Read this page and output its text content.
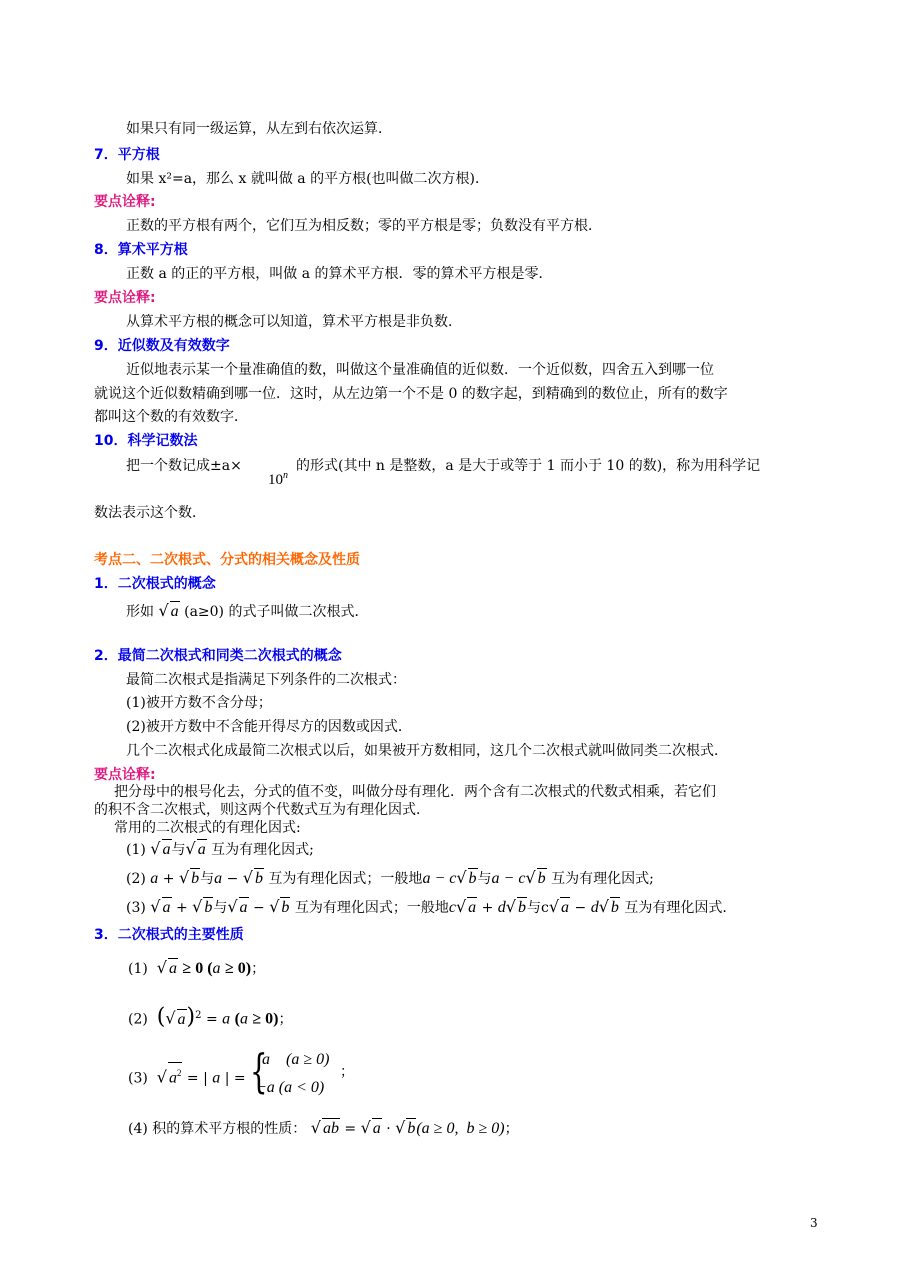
如果只有同一级运算，从左到右依次运算．
7．平方根
如果 x²=a，那么 x 就叫做 a 的平方根(也叫做二次方根)．
要点诠释:
正数的平方根有两个，它们互为相反数；零的平方根是零；负数没有平方根．
8．算术平方根
正数 a 的正的平方根，叫做 a 的算术平方根．零的算术平方根是零．
要点诠释:
从算术平方根的概念可以知道，算术平方根是非负数．
9．近似数及有效数字
近似地表示某一个量准确值的数，叫做这个量准确值的近似数．一个近似数，四舍五入到哪一位
就说这个近似数精确到哪一位．这时，从左边第一个不是 0 的数字起，到精确到的数位止，所有的数字
都叫这个数的有效数字．
10．科学记数法
把一个数记成±a×
$10^n$
的形式(其中 n 是整数，a 是大于或等于 1 而小于 10 的数)，称为用科学记
数法表示这个数．
考点二、二次根式、分式的相关概念及性质
1．二次根式的概念
形如 √ a (a≥0) 的式子叫做二次根式．
2．最简二次根式和同类二次根式的概念
最简二次根式是指满足下列条件的二次根式：
(1)被开方数不含分母；
(2)被开方数中不含能开得尽方的因数或因式．
几个二次根式化成最简二次根式以后，如果被开方数相同，这几个二次根式就叫做同类二次根式．
要点诠释:
把分母中的根号化去，分式的值不变，叫做分母有理化．两个含有二次根式的代数式相乘，若它们
的积不含二次根式，则这两个代数式互为有理化因式．
常用的二次根式的有理化因式:
(1) √ a与√ a 互为有理化因式;
(2) a + √ b与a − √ b 互为有理化因式；一般地a − c√ b与a − c√ b 互为有理化因式;
(3) √ a + √ b与√ a − √ b 互为有理化因式；一般地c√ a + d√ b与c√ a − d√ b 互为有理化因式.
3．二次根式的主要性质
(1) √ a ≥ 0 (a ≥ 0)；
(2) (√ a)$^2$ = a (a ≥ 0)；
(3) √ $a^2$ = | a | = {
a    (a ≥ 0)
−a (a < 0)
；
(4) 积的算术平方根的性质： √ ab = √ a · √ b(a ≥ 0,  b ≥ 0)；
3
